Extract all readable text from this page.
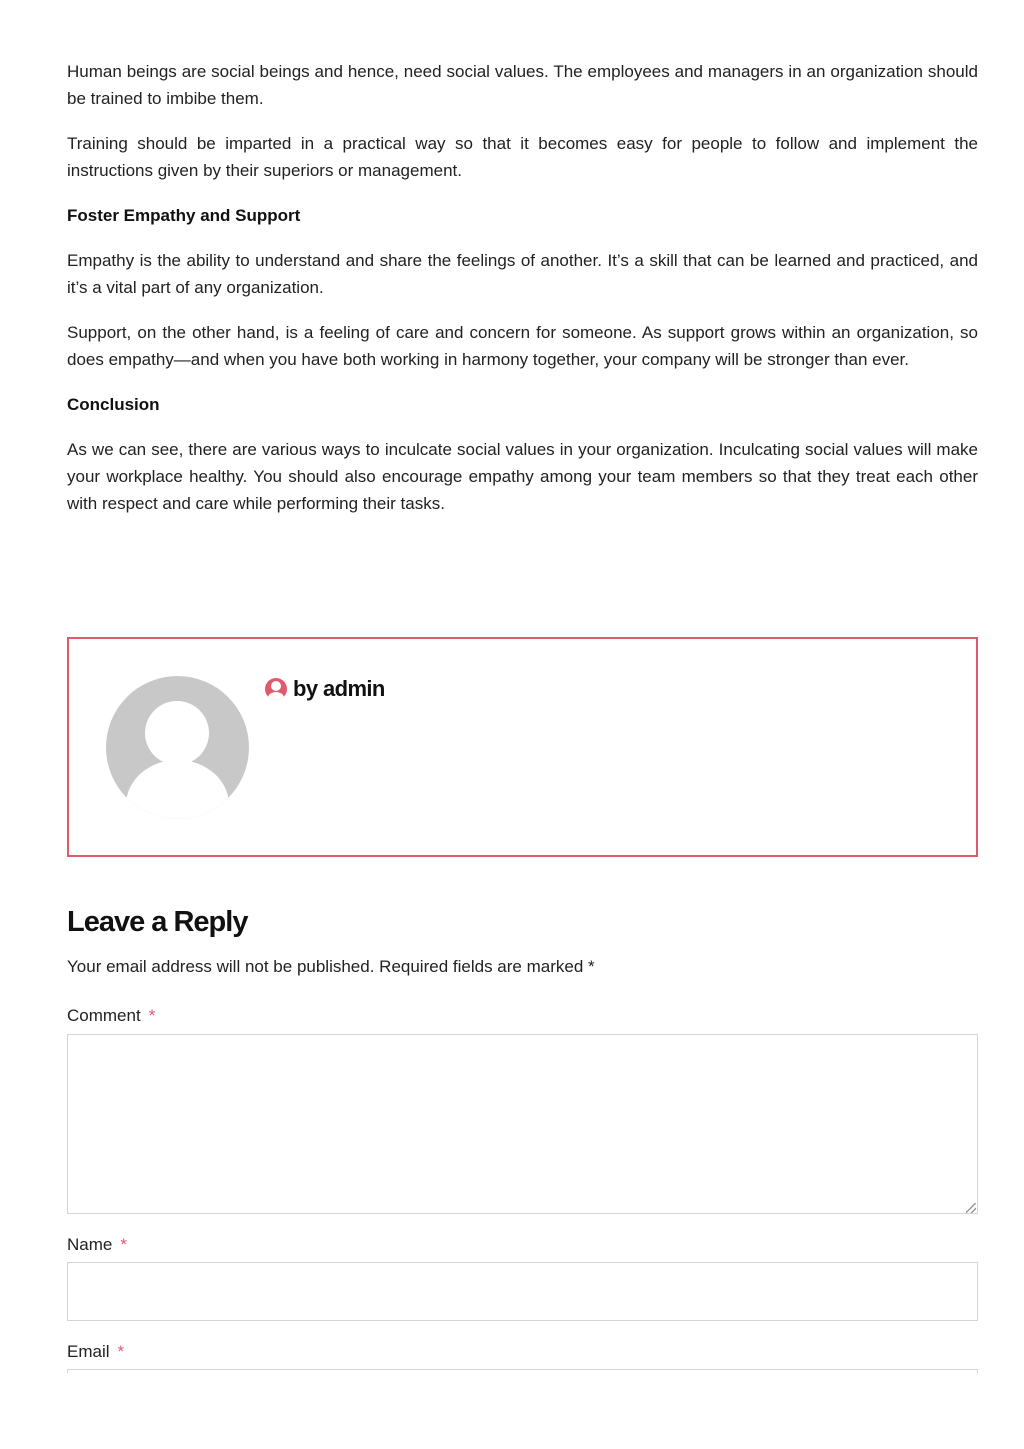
Human beings are social beings and hence, need social values. The employees and managers in an organization should be trained to imbibe them.

Training should be imparted in a practical way so that it becomes easy for people to follow and implement the instructions given by their superiors or management.

Foster Empathy and Support

Empathy is the ability to understand and share the feelings of another. It’s a skill that can be learned and practiced, and it’s a vital part of any organization.

Support, on the other hand, is a feeling of care and concern for someone. As support grows within an organization, so does empathy—and when you have both working in harmony together, your company will be stronger than ever.

Conclusion

As we can see, there are various ways to inculcate social values in your organization. Inculcating social values will make your workplace healthy. You should also encourage empathy among your team members so that they treat each other with respect and care while performing their tasks.

by admin
Leave a Reply
Your email address will not be published. Required fields are marked *
Comment *
Name *
Email *
